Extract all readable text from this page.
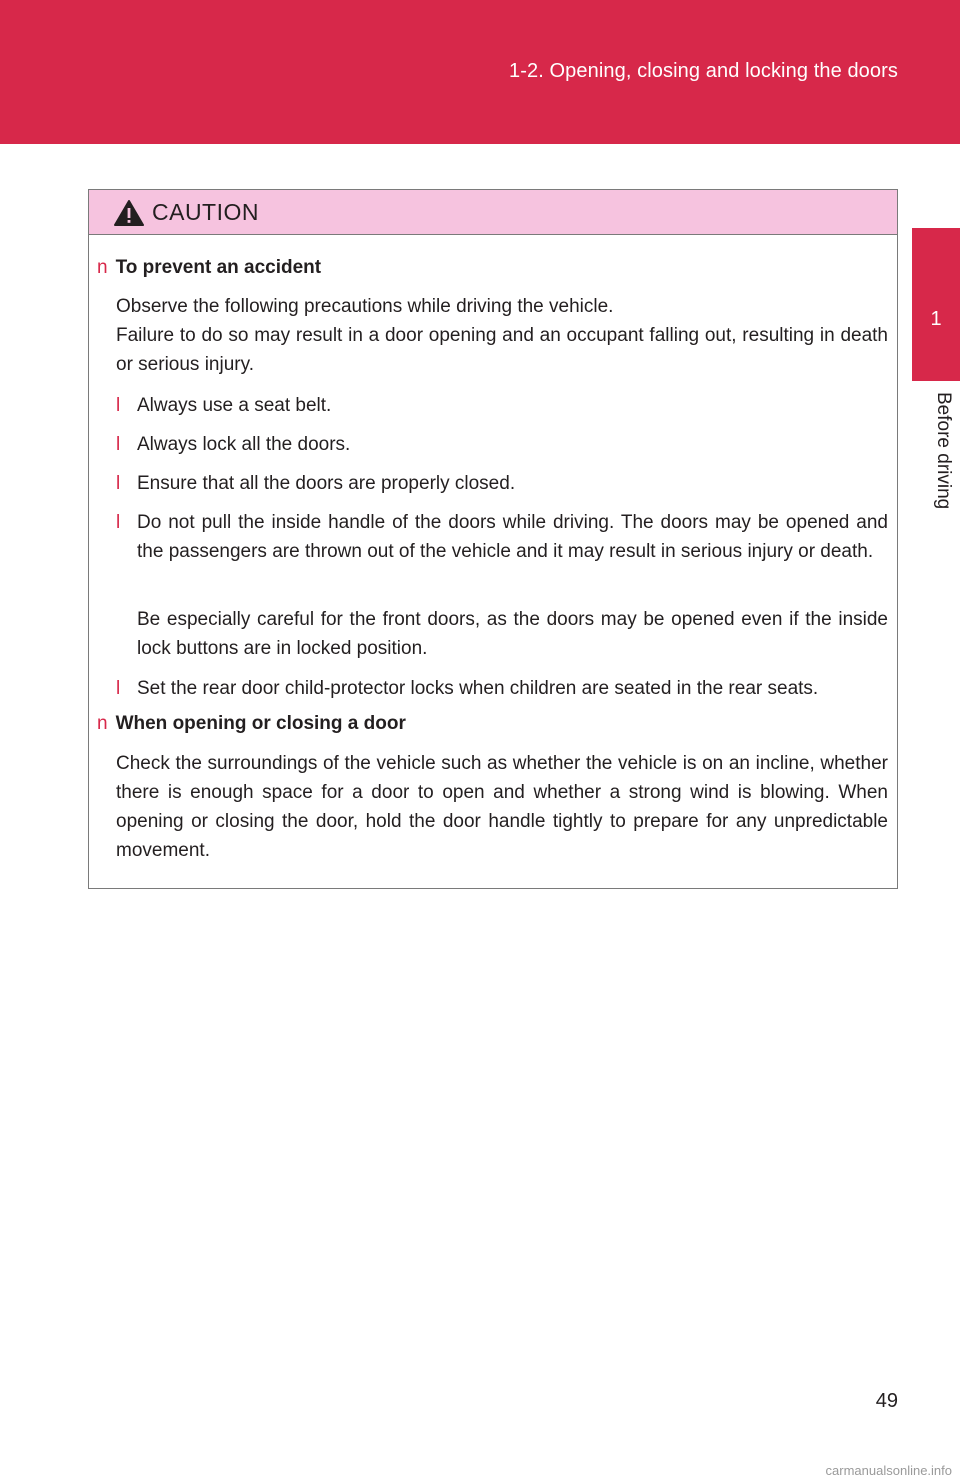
1-2. Opening, closing and locking the doors
1
Before driving
CAUTION
n To prevent an accident
Observe the following precautions while driving the vehicle.
Failure to do so may result in a door opening and an occupant falling out, resulting in death or serious injury.
l Always use a seat belt.
l Always lock all the doors.
l Ensure that all the doors are properly closed.
l Do not pull the inside handle of the doors while driving. The doors may be opened and the passengers are thrown out of the vehicle and it may result in serious injury or death.
Be especially careful for the front doors, as the doors may be opened even if the inside lock buttons are in locked position.
l Set the rear door child-protector locks when children are seated in the rear seats.
n When opening or closing a door
Check the surroundings of the vehicle such as whether the vehicle is on an incline, whether there is enough space for a door to open and whether a strong wind is blowing. When opening or closing the door, hold the door handle tightly to prepare for any unpredictable movement.
49
carmanualsonline.info
